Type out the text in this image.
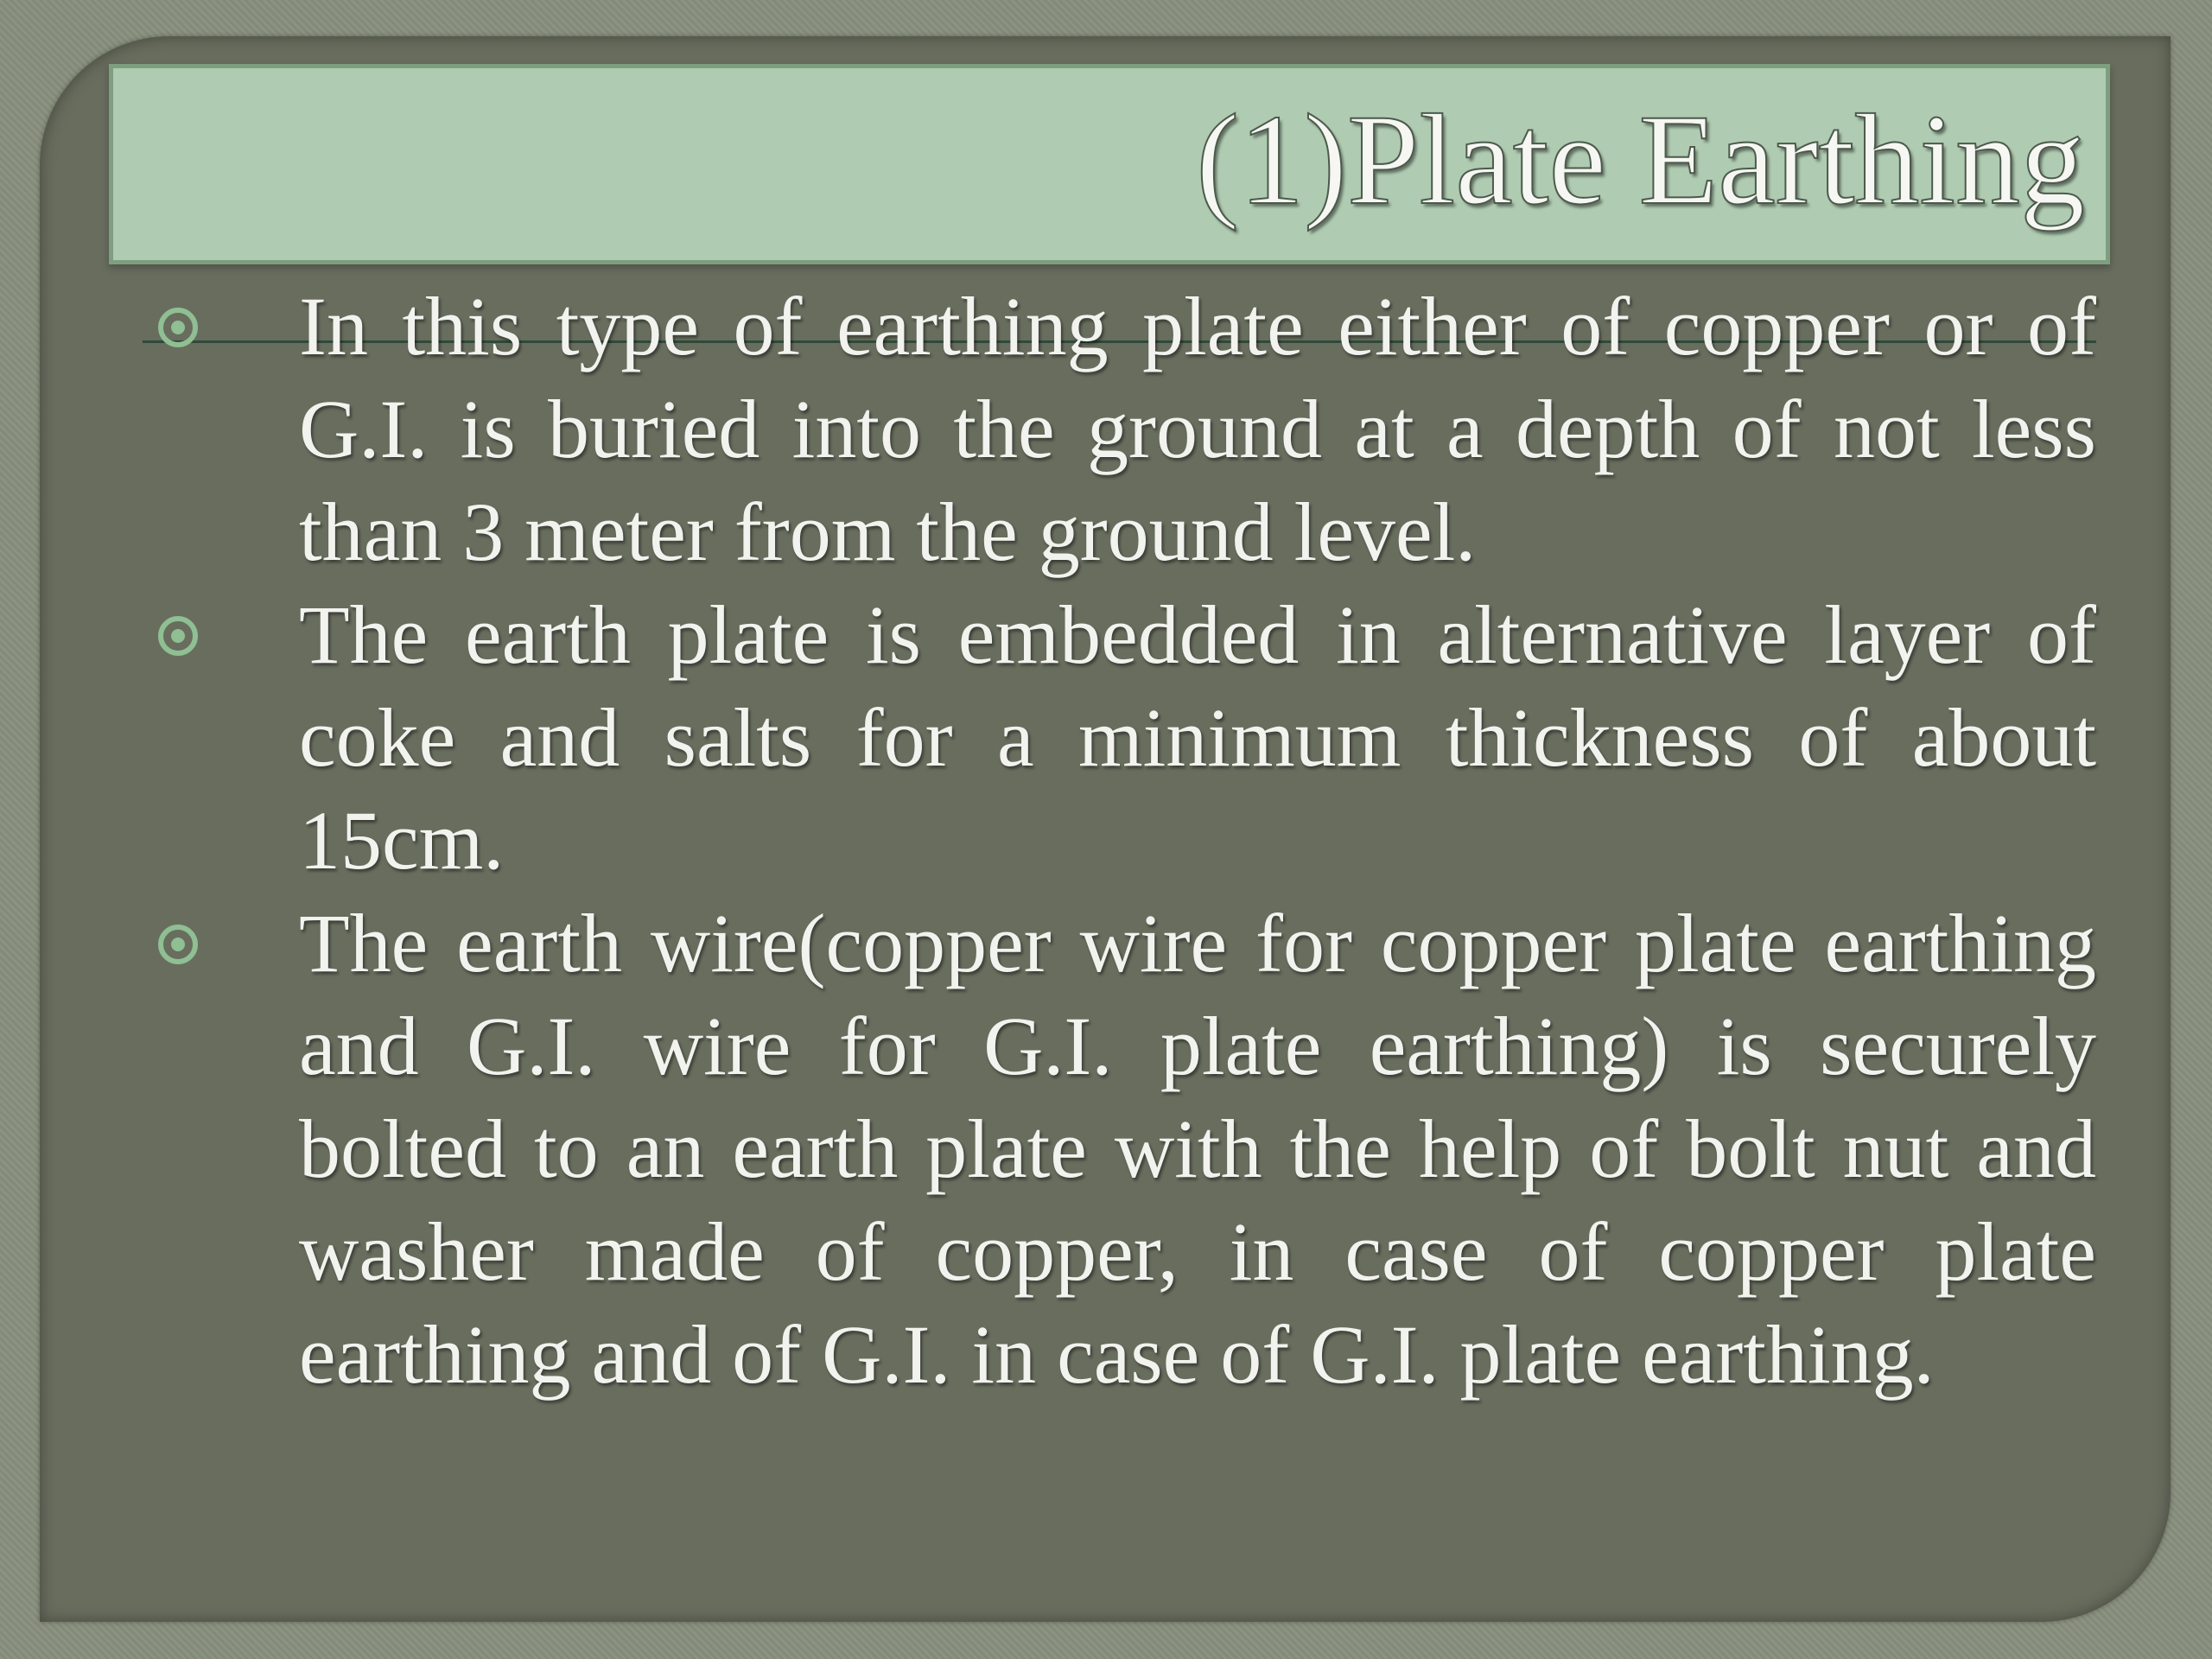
(1)Plate Earthing
In this type of earthing plate either of copper or of G.I. is buried into the ground at a depth of not less than 3 meter from the ground level.
The earth plate is embedded in alternative layer of coke and salts for a minimum thickness of about 15cm.
The earth wire(copper wire for copper plate earthing and G.I. wire for G.I. plate earthing) is securely bolted to an earth plate with the help of bolt nut and washer made of copper, in case of copper plate earthing and of G.I. in case of G.I. plate earthing.
